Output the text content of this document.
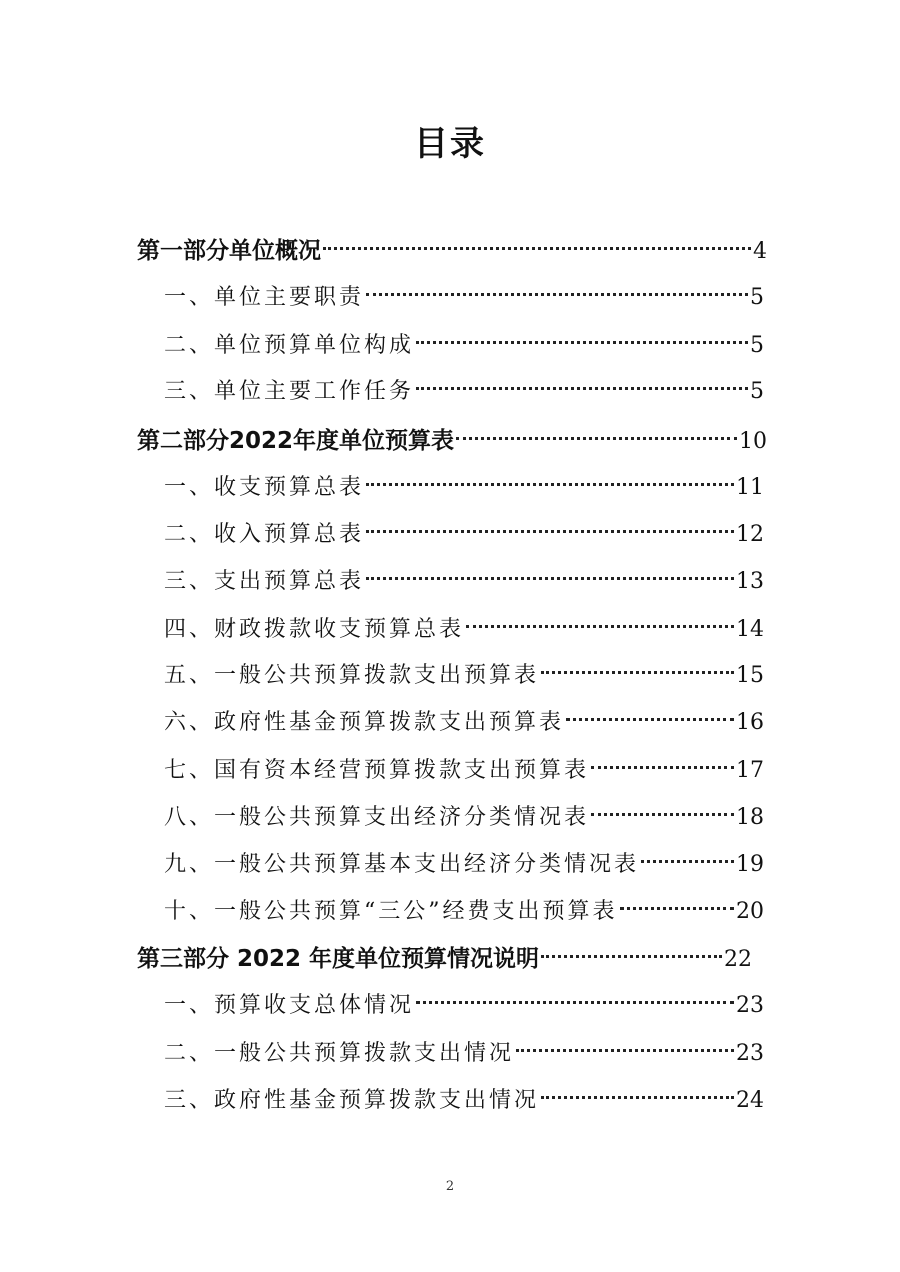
目录
第一部分单位概况	4
一、单位主要职责	5
二、单位预算单位构成	5
三、单位主要工作任务	5
第二部分2022年度单位预算表	10
一、收支预算总表	11
二、收入预算总表	12
三、支出预算总表	13
四、财政拨款收支预算总表	14
五、一般公共预算拨款支出预算表	15
六、政府性基金预算拨款支出预算表	16
七、国有资本经营预算拨款支出预算表	17
八、一般公共预算支出经济分类情况表	18
九、一般公共预算基本支出经济分类情况表	19
十、一般公共预算“三公”经费支出预算表	20
第三部分 2022 年度单位预算情况说明	22
一、预算收支总体情况	23
二、一般公共预算拨款支出情况	23
三、政府性基金预算拨款支出情况	24
2
